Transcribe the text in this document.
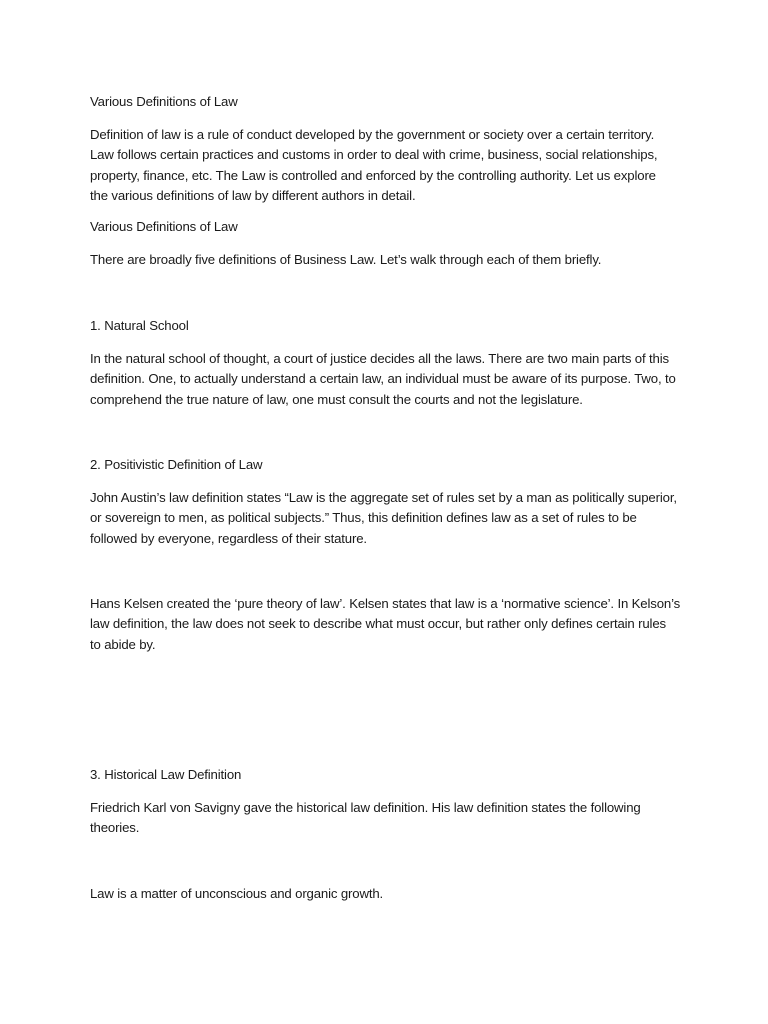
Various Definitions of Law

Definition of law is a rule of conduct developed by the government or society over a certain territory.
Law follows certain practices and customs in order to deal with crime, business, social relationships,
property, finance, etc. The Law is controlled and enforced by the controlling authority. Let us explore
the various definitions of law by different authors in detail.

Various Definitions of Law

There are broadly five definitions of Business Law. Let’s walk through each of them briefly.

1. Natural School

In the natural school of thought, a court of justice decides all the laws. There are two main parts of this
definition. One, to actually understand a certain law, an individual must be aware of its purpose. Two, to
comprehend the true nature of law, one must consult the courts and not the legislature.

2. Positivistic Definition of Law

John Austin’s law definition states “Law is the aggregate set of rules set by a man as politically superior,
or sovereign to men, as political subjects.” Thus, this definition defines law as a set of rules to be
followed by everyone, regardless of their stature.

Hans Kelsen created the ‘pure theory of law’. Kelsen states that law is a ‘normative science’. In Kelson’s
law definition, the law does not seek to describe what must occur, but rather only defines certain rules
to abide by.

3. Historical Law Definition

Friedrich Karl von Savigny gave the historical law definition. His law definition states the following
theories.

Law is a matter of unconscious and organic growth.
